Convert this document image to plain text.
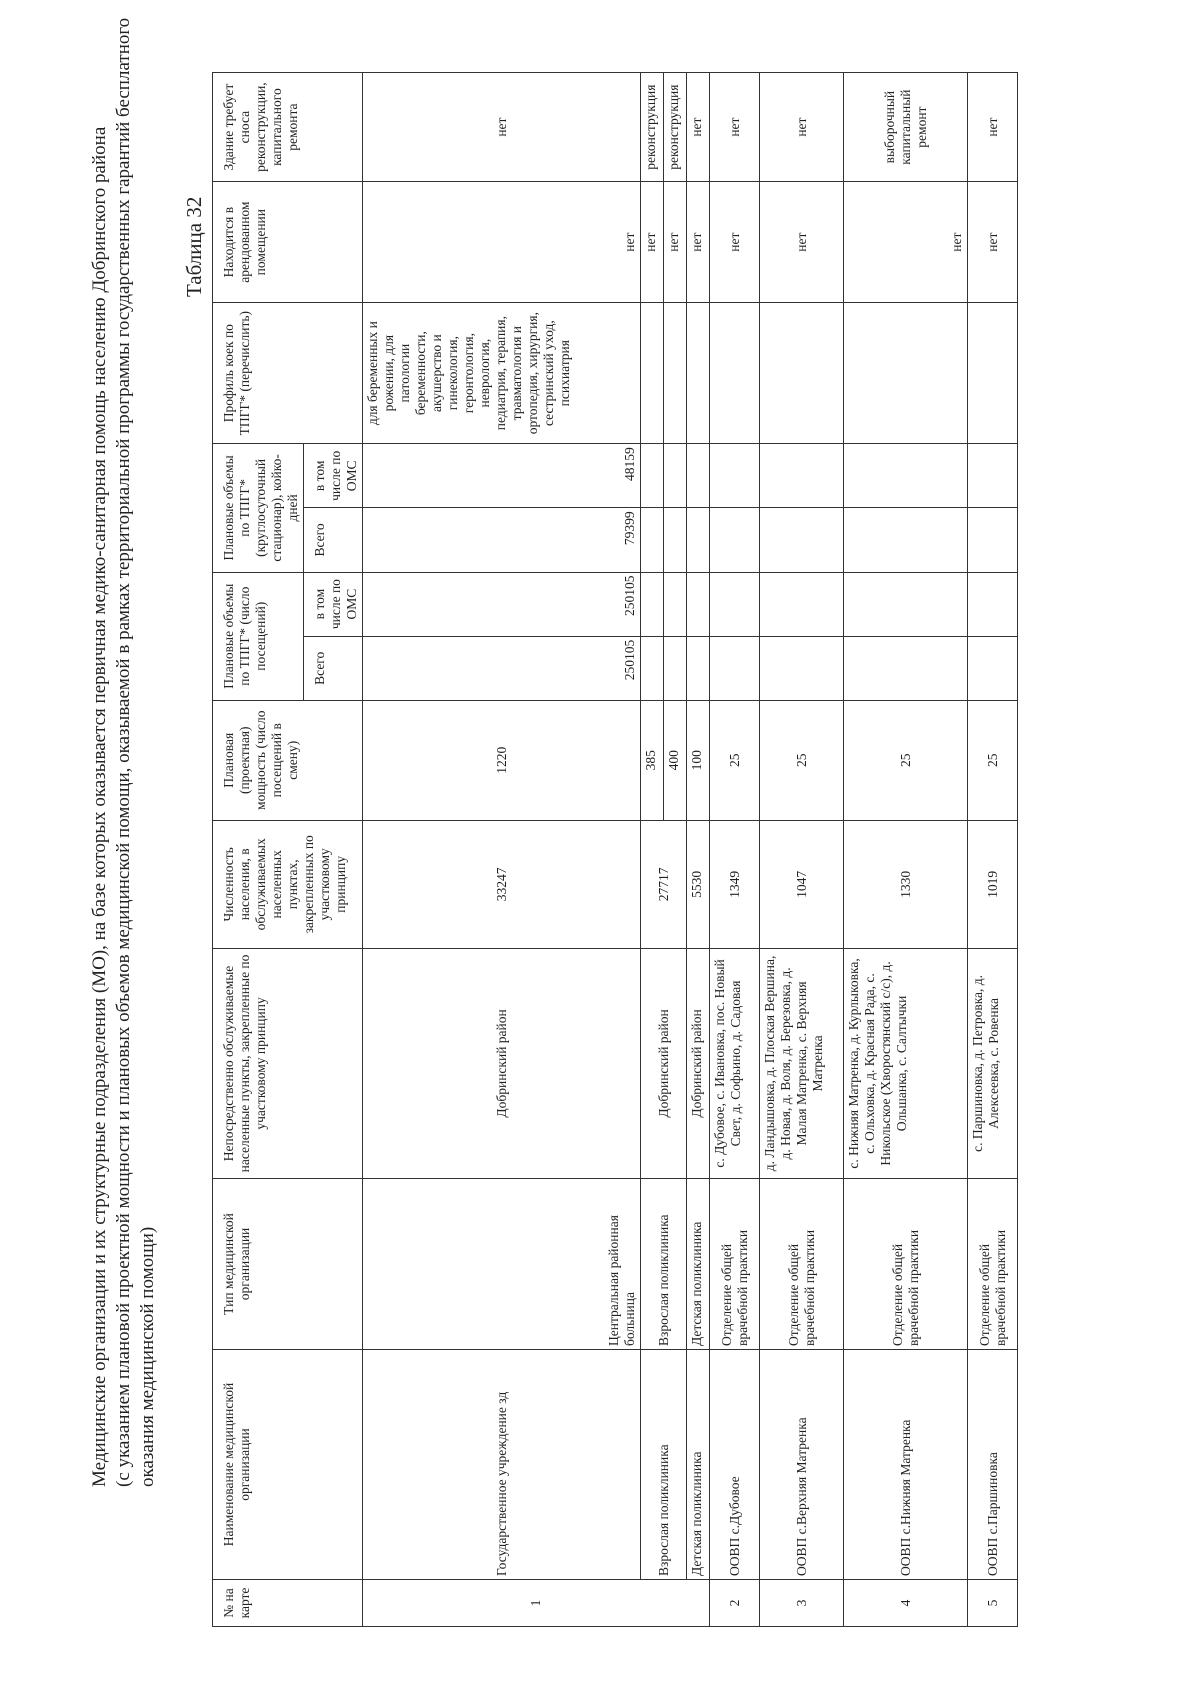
Медицинские организации и их структурные подразделения (МО), на базе которых оказывается первичная медико-санитарная помощь населению Добринского района (с указанием плановой проектной мощности и плановых объемов медицинской помощи, оказываемой в рамках территориальной программы государственных гарантий бесплатного оказания медицинской помощи)
Таблица 32
№ на карте	Наименование медицинской организации	Тип медицинской организации	Непосредственно обслуживаемые населенные пункты, закрепленные по участковому принципу	Численность населения, в обслуживаемых населенных пунктах, закрепленных по участковому принципу	Плановая (проектная) мощность (число посещений в смену)	Плановые объемы по ТПГГ* (число посещений)		Плановые объемы по ТПГГ* (круглосуточный стационар), койко-дней		Профиль коек по ТПГГ* (перечислить)	Находится в арендованном помещении	Здание требует сноса реконструкции, капитального ремонта
						Всего	в том числе по ОМС	Всего	в том числе по ОМС			
1	Государственное учреждение зд	Центральная районная больница	Добринский район	33247	1220	250105	250105	79399	48159	для беременных и рожении, для патологии беременности, акушерство и гинекология, геронтология, неврология, педиатрия, терапия, травматология и ортопедия, хирургия, сестринский уход, психиатрия	нет	нет
	Взрослая поликлиника	Взрослая поликлиника	Добринский район	27717	385						нет	реконструкция
					400						нет	реконструкция
	Детская поликлиника	Детская поликлиника	Добринский район	5530	100						нет	нет
2	ООВП с.Дубовое	Отделение общей врачебной практики	с. Дубовое, с. Ивановка, пос. Новый Свет, д. Софьино, д. Садовая	1349	25						нет	нет
3	ООВП с.Верхняя Матренка	Отделение общей врачебной практики	д. Ландышовка, д. Плоская Вершина, д. Новая, д. Воля, д. Березовка, д. Малая Матренка, с. Верхняя Матренка	1047	25						нет	нет
4	ООВП с.Нижняя Матренка	Отделение общей врачебной практики	с. Нижняя Матренка, д. Курлыковка, с. Ольховка, д. Красная Рада, с. Никольское (Хворостянский с/с), д. Ольшанка, с. Салтычки	1330	25						нет	выборочный капитальный ремонт
5	ООВП с.Паршиновка	Отделение общей врачебной практики	с. Паршиновка, д. Петровка, д. Алексеевка, с. Ровенка	1019	25						нет	нет
